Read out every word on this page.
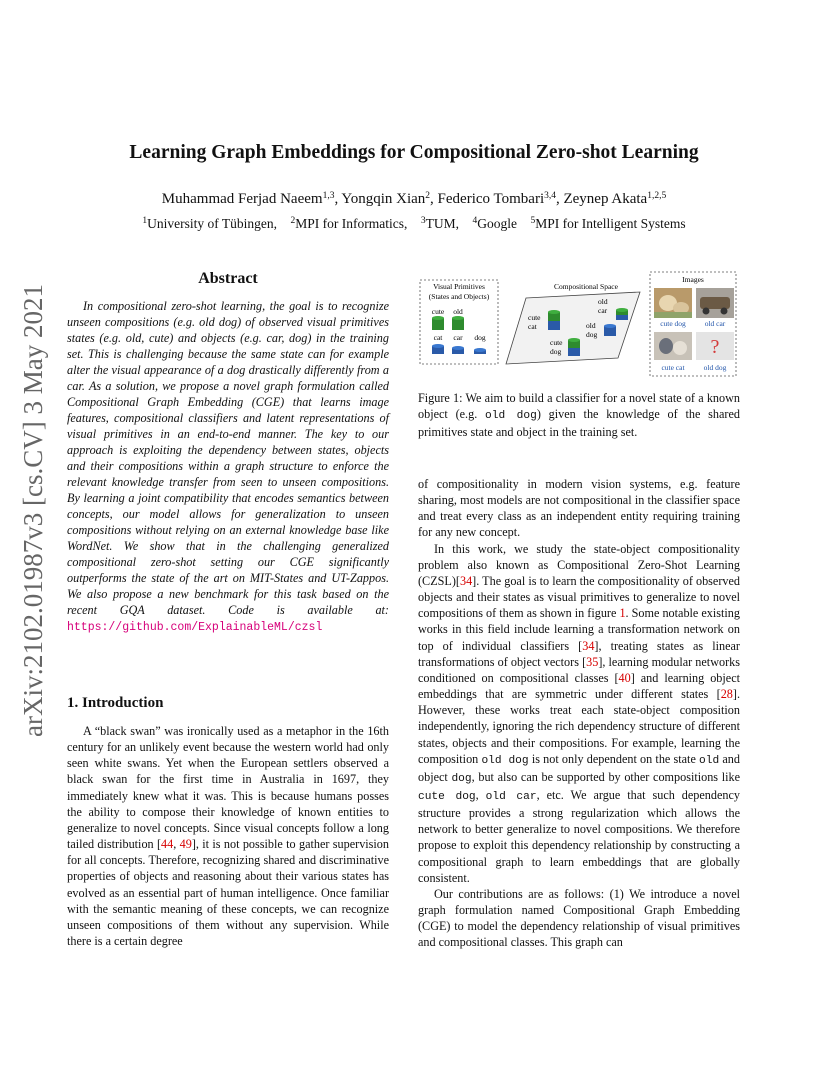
arXiv:2102.01987v3 [cs.CV] 3 May 2021
Learning Graph Embeddings for Compositional Zero-shot Learning
Muhammad Ferjad Naeem$^{1,3}$, Yongqin Xian$^2$, Federico Tombari$^{3,4}$, Zeynep Akata$^{1,2,5}$
$^1$University of Tübingen, $^2$MPI for Informatics, $^3$TUM, $^4$Google $^5$MPI for Intelligent Systems
Abstract
In compositional zero-shot learning, the goal is to recognize unseen compositions (e.g. old dog) of observed visual primitives states (e.g. old, cute) and objects (e.g. car, dog) in the training set. This is challenging because the same state can for example alter the visual appearance of a dog drastically differently from a car. As a solution, we propose a novel graph formulation called Compositional Graph Embedding (CGE) that learns image features, compositional classifiers and latent representations of visual primitives in an end-to-end manner. The key to our approach is exploiting the dependency between states, objects and their compositions within a graph structure to enforce the relevant knowledge transfer from seen to unseen compositions. By learning a joint compatibility that encodes semantics between concepts, our model allows for generalization to unseen compositions without relying on an external knowledge base like WordNet. We show that in the challenging generalized compositional zero-shot setting our CGE significantly outperforms the state of the art on MIT-States and UT-Zappos. We also propose a new benchmark for this task based on the recent GQA dataset. Code is available at: https://github.com/ExplainableML/czsl
1. Introduction

A “black swan” was ironically used as a metaphor in the 16th century for an unlikely event because the western world had only seen white swans. Yet when the European settlers observed a black swan for the first time in Australia in 1697, they immediately knew what it was. This is because humans posses the ability to compose their knowledge of known entities to generalize to novel concepts. Since visual concepts follow a long tailed distribution [44, 49], it is not possible to gather supervision for all concepts. Therefore, recognizing shared and discriminative properties of objects and reasoning about their various states has evolved as an essential part of human intelligence. Once familiar with the semantic meaning of these concepts, we can recognize unseen compositions of them without any supervision. While there is a certain degree

Visual Primitives
(States and Objects)
cute old
cat car dog
Compositional Space
cute cat
old car
old dog
cute dog
Images
cute dog	old car
?
cute cat	old dog
Figure 1: We aim to build a classifier for a novel state of a known object (e.g. old dog) given the knowledge of the shared primitives state and object in the training set.

of compositionality in modern vision systems, e.g. feature sharing, most models are not compositional in the classifier space and treat every class as an independent entity requiring training for any new concept.

In this work, we study the state-object compositionality problem also known as Compositional Zero-Shot Learning (CZSL)[34]. The goal is to learn the compositionality of observed objects and their states as visual primitives to generalize to novel compositions of them as shown in figure 1. Some notable existing works in this field include learning a transformation network on top of individual classifiers [34], treating states as linear transformations of object vectors [35], learning modular networks conditioned on compositional classes [40] and learning object embeddings that are symmetric under different states [28]. However, these works treat each state-object composition independently, ignoring the rich dependency structure of different states, objects and their compositions. For example, learning the composition old dog is not only dependent on the state old and object dog, but also can be supported by other compositions like cute dog, old car, etc. We argue that such dependency structure provides a strong regularization which allows the network to better generalize to novel compositions. We therefore propose to exploit this dependency relationship by constructing a compositional graph to learn embeddings that are globally consistent.

Our contributions are as follows: (1) We introduce a novel graph formulation named Compositional Graph Embedding (CGE) to model the dependency relationship of visual primitives and compositional classes. This graph can
